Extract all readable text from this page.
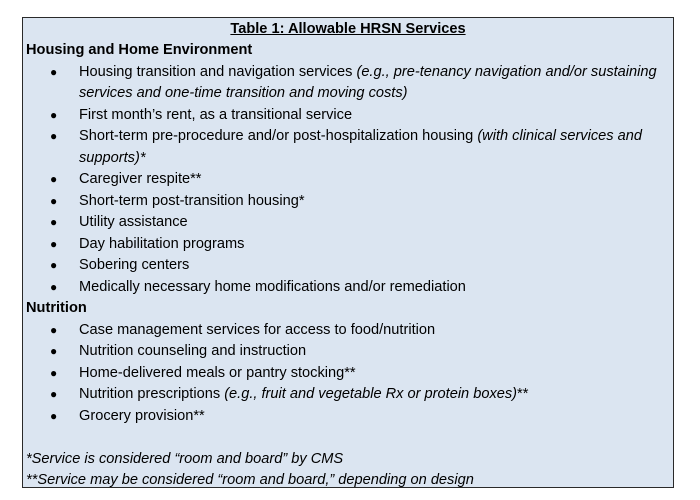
Table 1: Allowable HRSN Services
Housing and Home Environment
● Housing transition and navigation services (e.g., pre-tenancy navigation and/or sustaining services and one-time transition and moving costs)
● First month’s rent, as a transitional service
● Short-term pre-procedure and/or post-hospitalization housing (with clinical services and supports)*
● Caregiver respite**
● Short-term post-transition housing*
● Utility assistance
● Day habilitation programs
● Sobering centers
● Medically necessary home modifications and/or remediation
Nutrition
● Case management services for access to food/nutrition
● Nutrition counseling and instruction
● Home-delivered meals or pantry stocking**
● Nutrition prescriptions (e.g., fruit and vegetable Rx or protein boxes)**
● Grocery provision**
*Service is considered “room and board” by CMS
**Service may be considered “room and board,” depending on design
